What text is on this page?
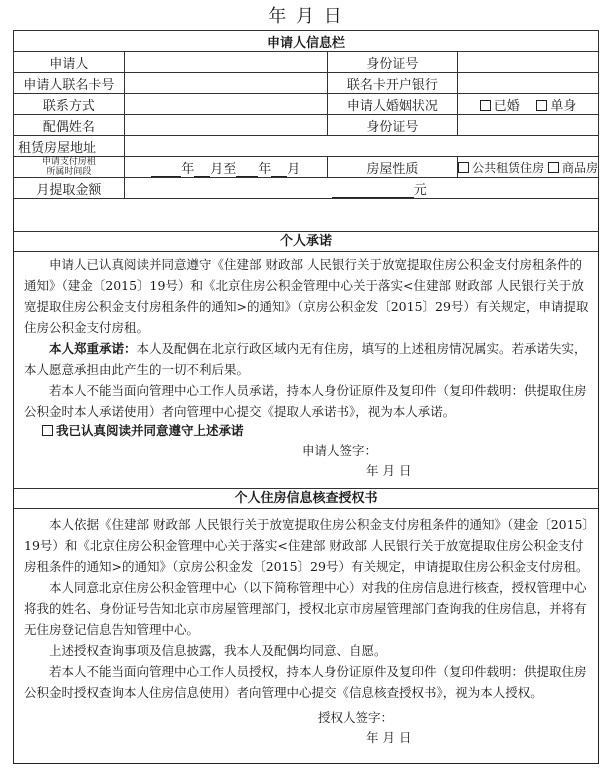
年 月 日
申请人信息栏			
申请人		身份证号	
申请人联名卡号		联名卡开户银行	
联系方式		申请人婚姻状况	已婚 单身
配偶姓名		身份证号	
租赁房屋地址			

申请支付房租
所属时间段	年 月至 年 月	房屋性质	公共租赁住房 商品房
月提取金额	元		
个人承诺

申请人已认真阅读并同意遵守《住建部 财政部 人民银行关于放宽提取住房公积金支付房租条件的通知》（建金〔2015〕19号）和《北京住房公积金管理中心关于落实<住建部 财政部 人民银行关于放宽提取住房公积金支付房租条件的通知>的通知》（京房公积金发〔2015〕29号）有关规定，申请提取住房公积金支付房租。

本人郑重承诺：本人及配偶在北京行政区域内无有住房，填写的上述租房情况属实。若承诺失实，本人愿意承担由此产生的一切不利后果。

若本人不能当面向管理中心工作人员承诺，持本人身份证原件及复印件（复印件载明：供提取住房公积金时本人承诺使用）者向管理中心提交《提取人承诺书》，视为本人承诺。

我已认真阅读并同意遵守上述承诺
申请人签字：
年 月 日
个人住房信息核查授权书

本人依据《住建部 财政部 人民银行关于放宽提取住房公积金支付房租条件的通知》（建金〔2015〕19号）和《北京住房公积金管理中心关于落实<住建部 财政部 人民银行关于放宽提取住房公积金支付房租条件的通知>的通知》（京房公积金发〔2015〕29号）有关规定，申请提取住房公积金支付房租。

本人同意北京住房公积金管理中心（以下简称管理中心）对我的住房信息进行核查，授权管理中心将我的姓名、身份证号告知北京市房屋管理部门，授权北京市房屋管理部门查询我的住房信息，并将有无住房登记信息告知管理中心。

上述授权查询事项及信息披露，我本人及配偶均同意、自愿。

若本人不能当面向管理中心工作人员授权，持本人身份证原件及复印件（复印件载明：供提取住房公积金时授权查询本人住房信息使用）者向管理中心提交《信息核查授权书》，视为本人授权。

授权人签字：
年 月 日
